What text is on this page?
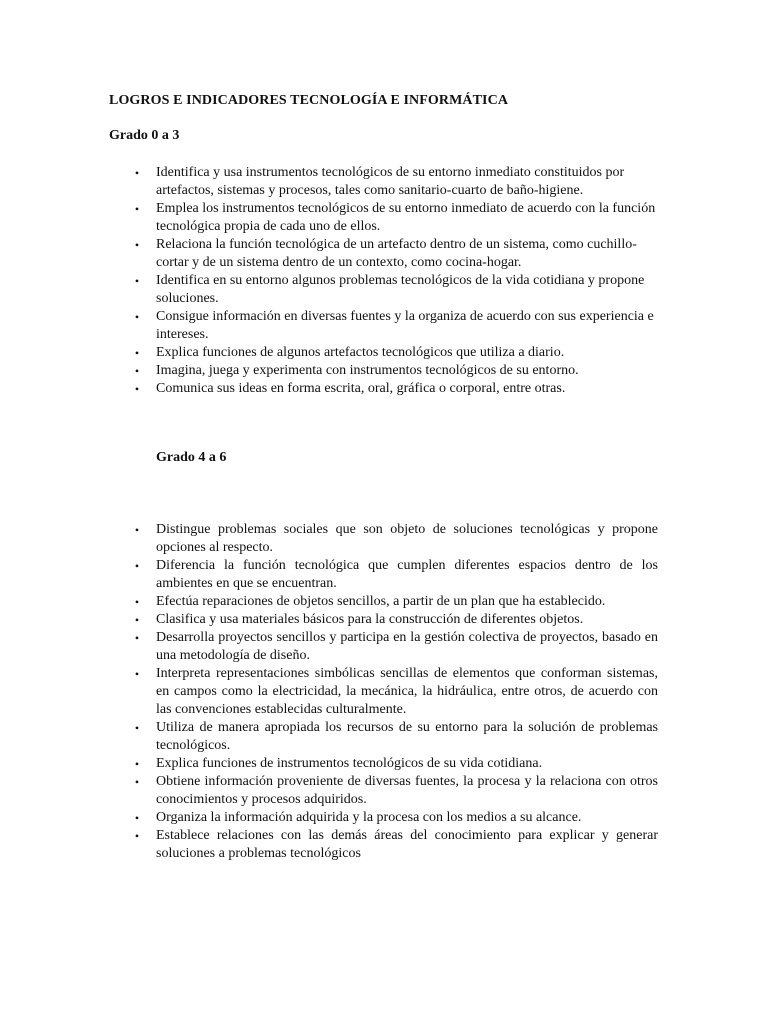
LOGROS E INDICADORES TECNOLOGÍA E INFORMÁTICA
Grado 0 a 3
• Identifica y usa instrumentos tecnológicos de su entorno inmediato constituidos por artefactos, sistemas y procesos, tales como sanitario-cuarto de baño-higiene.
• Emplea los instrumentos tecnológicos de su entorno inmediato de acuerdo con la función tecnológica propia de cada uno de ellos.
• Relaciona la función tecnológica de un artefacto dentro de un sistema, como cuchillo-cortar y de un sistema dentro de un contexto, como cocina-hogar.
• Identifica en su entorno algunos problemas tecnológicos de la vida cotidiana y propone soluciones.
• Consigue información en diversas fuentes y la organiza de acuerdo con sus experiencia e intereses.
• Explica funciones de algunos artefactos tecnológicos que utiliza a diario.
• Imagina, juega y experimenta con instrumentos tecnológicos de su entorno.
• Comunica sus ideas en forma escrita, oral, gráfica o corporal, entre otras.
Grado 4 a 6
• Distingue problemas sociales que son objeto de soluciones tecnológicas y propone opciones al respecto.
• Diferencia la función tecnológica que cumplen diferentes espacios dentro de los ambientes en que se encuentran.
• Efectúa reparaciones de objetos sencillos, a partir de un plan que ha establecido.
• Clasifica y usa materiales básicos para la construcción de diferentes objetos.
• Desarrolla proyectos sencillos y participa en la gestión colectiva de proyectos, basado en una metodología de diseño.
• Interpreta representaciones simbólicas sencillas de elementos que conforman sistemas, en campos como la electricidad, la mecánica, la hidráulica, entre otros, de acuerdo con las convenciones establecidas culturalmente.
• Utiliza de manera apropiada los recursos de su entorno para la solución de problemas tecnológicos.
• Explica funciones de instrumentos tecnológicos de su vida cotidiana.
• Obtiene información proveniente de diversas fuentes, la procesa y la relaciona con otros conocimientos y procesos adquiridos.
• Organiza la información adquirida y la procesa con los medios a su alcance.
• Establece relaciones con las demás áreas del conocimiento para explicar y generar soluciones a problemas tecnológicos
